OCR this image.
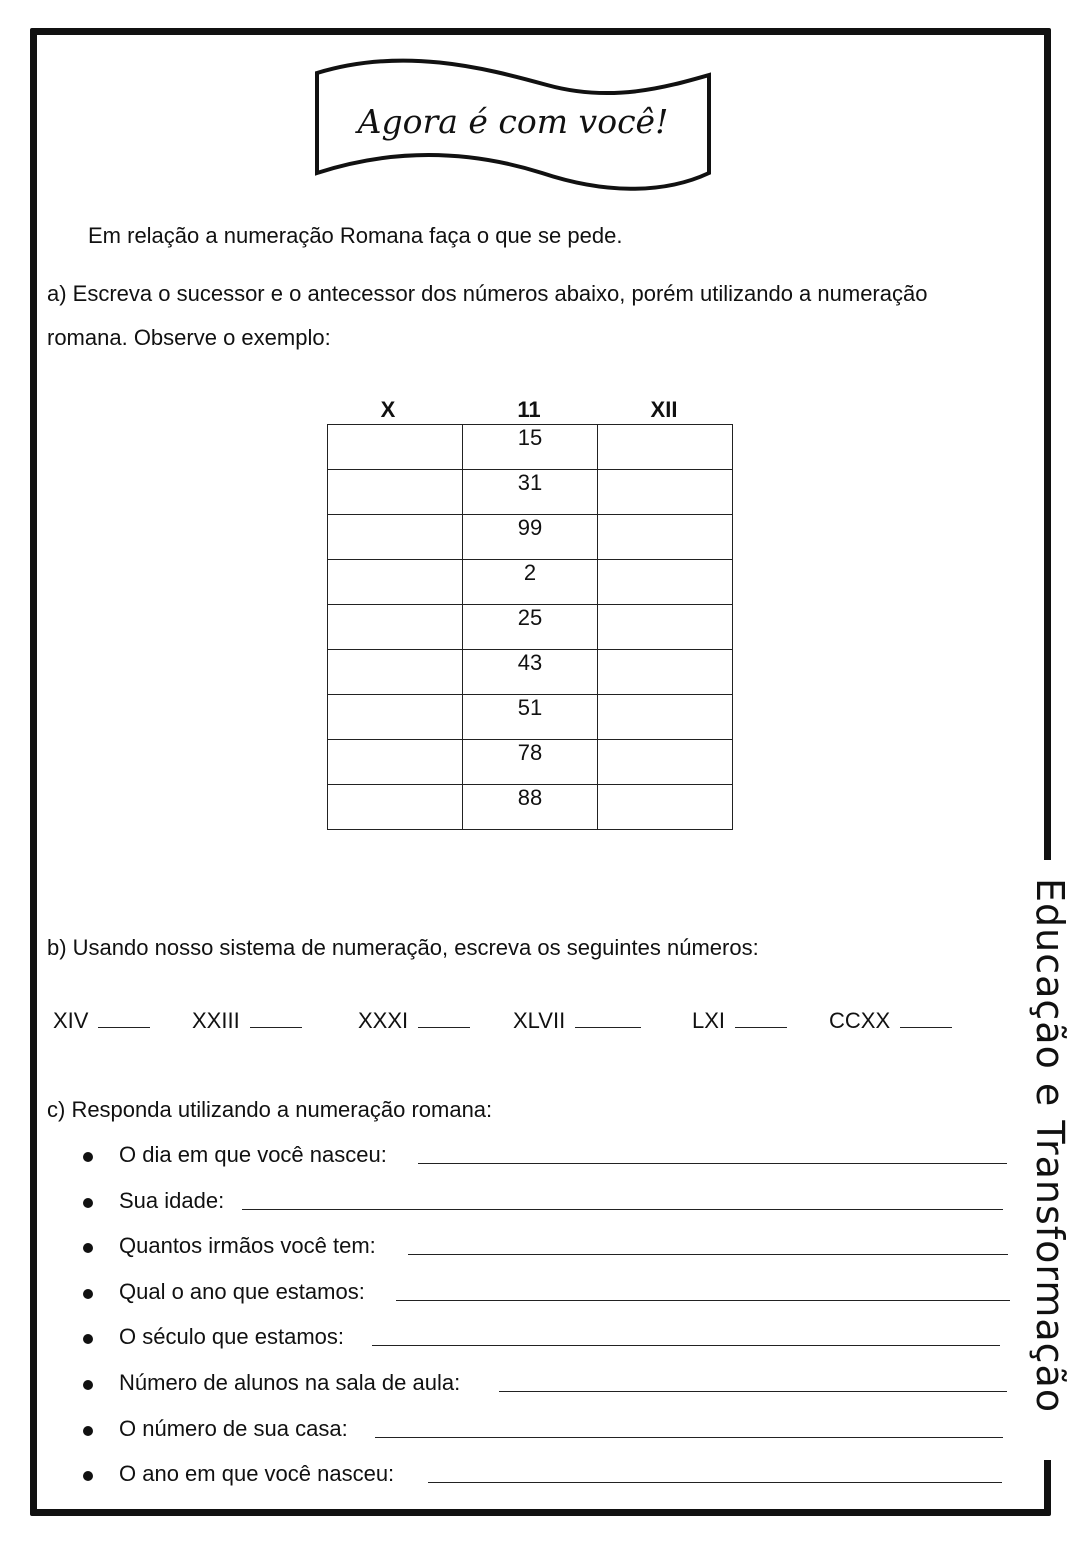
Educação e Transformação
Agora é com você!
Em relação a numeração Romana faça o que se pede.
a) Escreva o sucessor e o antecessor dos números abaixo, porém utilizando a numeração
romana. Observe o exemplo:
X	11	XII
	15	
	31	
	99	
	2	
	25	
	43	
	51	
	78	
	88	
b) Usando nosso sistema de numeração, escreva os seguintes números:
XIV	XXIII	XXXI	XLVII	LXI	CCXX
c) Responda utilizando a numeração romana:
O dia em que você nasceu:
Sua idade:
Quantos irmãos você tem:
Qual o ano que estamos:
O século que estamos:
Número de alunos na sala de aula:
O número de sua casa:
O ano em que você nasceu:
